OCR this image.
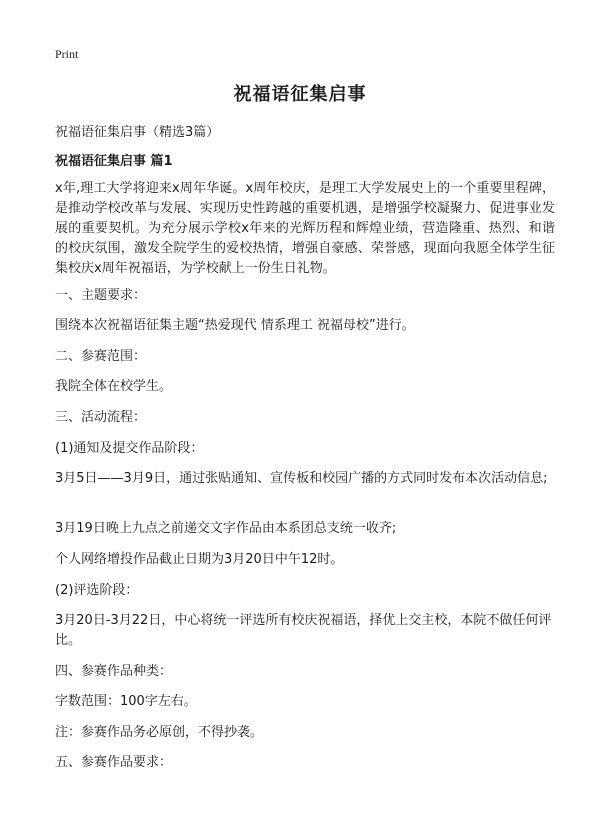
Print
祝福语征集启事
祝福语征集启事（精选3篇）
祝福语征集启事 篇1
x年,理工大学将迎来x周年华诞。x周年校庆，是理工大学发展史上的一个重要里程碑，是推动学校改革与发展、实现历史性跨越的重要机遇，是增强学校凝聚力、促进事业发展的重要契机。为充分展示学校x年来的光辉历程和辉煌业绩，营造隆重、热烈、和谐的校庆氛围，激发全院学生的爱校热情，增强自豪感、荣誉感，现面向我愿全体学生征集校庆x周年祝福语，为学校献上一份生日礼物。
一、主题要求：
围绕本次祝福语征集主题“热爱现代 情系理工 祝福母校”进行。
二、参赛范围：
我院全体在校学生。
三、活动流程：
(1)通知及提交作品阶段：
3月5日——3月9日，通过张贴通知、宣传板和校园广播的方式同时发布本次活动信息;
3月19日晚上九点之前递交文字作品由本系团总支统一收齐;
个人网络增投作品截止日期为3月20日中午12时。
(2)评选阶段：
3月20日-3月22日，中心将统一评选所有校庆祝福语，择优上交主校，本院不做任何评比。
四、参赛作品种类：
字数范围：100字左右。
注：参赛作品务必原创，不得抄袭。
五、参赛作品要求：
